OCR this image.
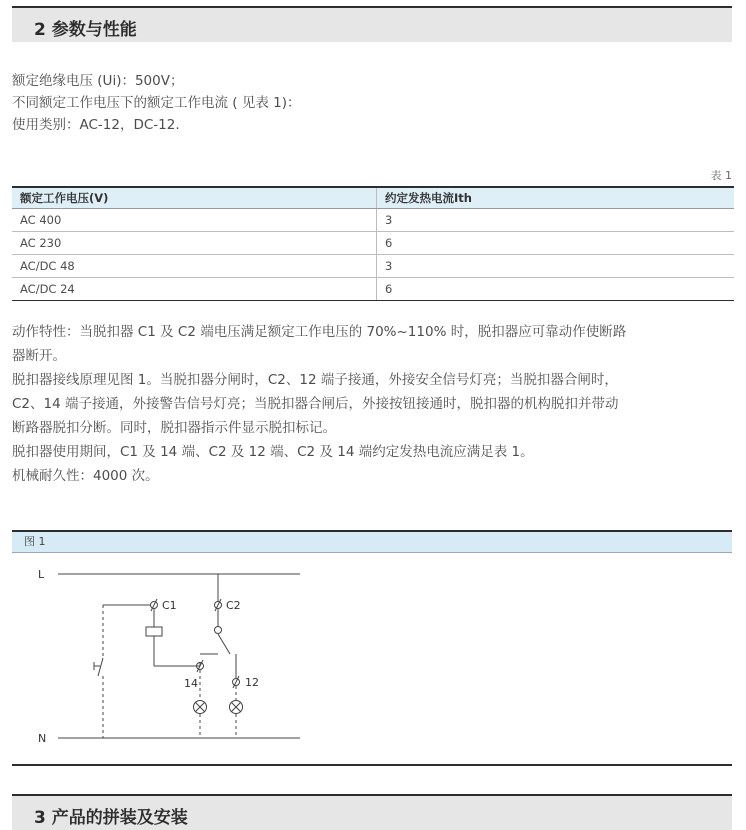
2 参数与性能
额定绝缘电压 (Ui)：500V；
不同额定工作电压下的额定工作电流 ( 见表 1)：
使用类别：AC-12，DC-12.
表 1
额定工作电压(V)	约定发热电流Ith
AC 400	3
AC 230	6
AC/DC 48	3
AC/DC 24	6
动作特性：当脱扣器 C1 及 C2 端电压满足额定工作电压的 70%~110% 时，脱扣器应可靠动作使断路
器断开。
脱扣器接线原理见图 1。当脱扣器分闸时，C2、12 端子接通，外接安全信号灯亮；当脱扣器合闸时，
C2、14 端子接通，外接警告信号灯亮；当脱扣器合闸后，外接按钮接通时，脱扣器的机构脱扣并带动
断路器脱扣分断。同时，脱扣器指示件显示脱扣标记。
脱扣器使用期间，C1 及 14 端、C2 及 12 端、C2 及 14 端约定发热电流应满足表 1。
机械耐久性：4000 次。
图 1
L
N
C1	C2
14	12
3 产品的拼装及安装
